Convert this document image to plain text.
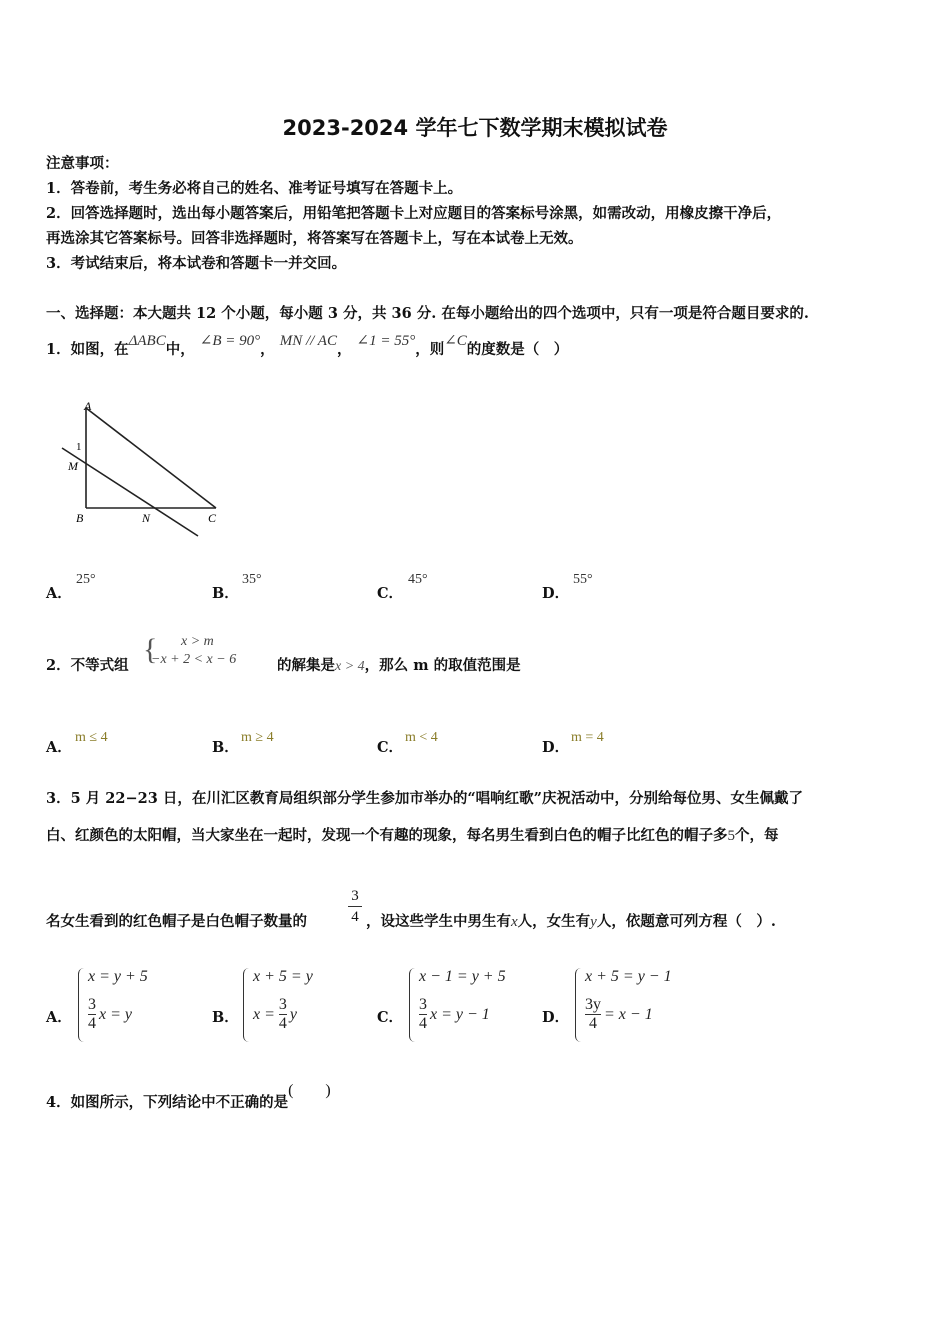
2023-2024 学年七下数学期末模拟试卷
注意事项：
1．答卷前，考生务必将自己的姓名、准考证号填写在答题卡上。
2．回答选择题时，选出每小题答案后，用铅笔把答题卡上对应题目的答案标号涂黑，如需改动，用橡皮擦干净后，
再选涂其它答案标号。回答非选择题时，将答案写在答题卡上，写在本试卷上无效。
3．考试结束后，将本试卷和答题卡一并交回。
一、选择题：本大题共 12 个小题，每小题 3 分，共 36 分. 在每小题给出的四个选项中，只有一项是符合题目要求的.
1．如图，在ΔABC中， ∠B = 90°， MN // AC， ∠1 = 55°，则∠C的度数是（　）
A
1
M
B	N	C
A．
25°
B．
35°
C．
45°
D．
55°
2．不等式组 { x > m
−x + 2 < x − 6	的解集是x > 4，那么 m 的取值范围是
A．
m ≤ 4
B．
m ≥ 4
C．
m < 4
D．
m = 4
3．5 月 22−23 日，在川汇区教育局组织部分学生参加市举办的“唱响红歌”庆祝活动中，分别给每位男、女生佩戴了
白、红颜色的太阳帽，当大家坐在一起时，发现一个有趣的现象，每名男生看到白色的帽子比红色的帽子多5个，每
名女生看到的红色帽子是白色帽子数量的	$\frac{3}{4}$ ，设这些学生中男生有x人，女生有y人，依题意可列方程（　）.
A．
x = y + 5
$\frac{3}{4}$ x = y	B．
x + 5 = y
$x = \frac{3}{4}$ y	C．
x − 1 = y + 5
$\frac{3}{4}$ x = y − 1	D．
x + 5 = y − 1
$\frac{3y}{4} = x - 1$
4．如图所示，下列结论中不正确的是(　　)
